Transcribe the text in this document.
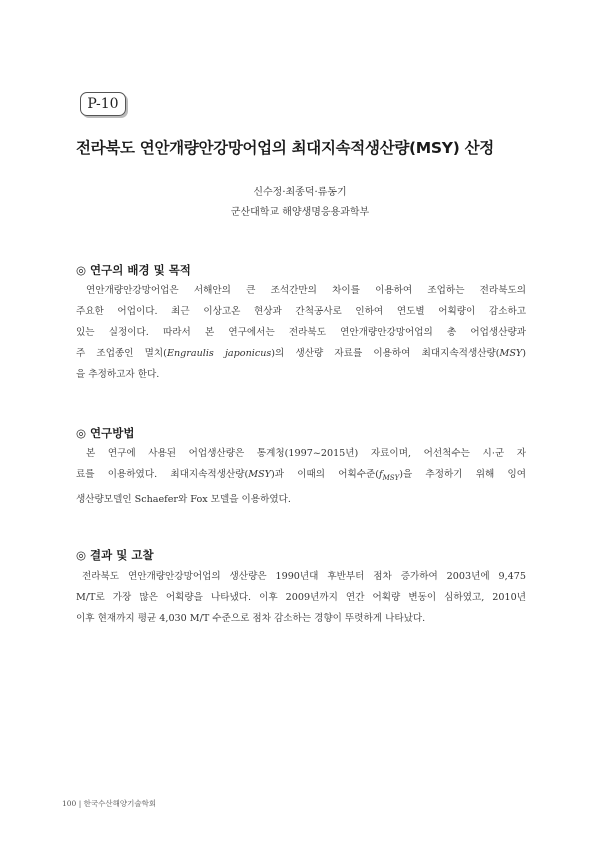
P-10
전라북도 연안개량안강망어업의 최대지속적생산량(MSY) 산정
신수정·최종덕·류동기
군산대학교 해양생명응용과학부
◎ 연구의 배경 및 목적
연안개량안강망어업은 서해안의 큰 조석간만의 차이를 이용하여 조업하는 전라북도의
주요한 어업이다. 최근 이상고온 현상과 간척공사로 인하여 연도별 어획량이 감소하고
있는 실정이다. 따라서 본 연구에서는 전라북도 연안개량안강망어업의 총 어업생산량과
주 조업종인 멸치(Engraulis japonicus)의 생산량 자료를 이용하여 최대지속적생산량(MSY)
을 추정하고자 한다.
◎ 연구방법
본 연구에 사용된 어업생산량은 통계청(1997~2015년) 자료이며, 어선척수는 시·군 자
료를 이용하였다. 최대지속적생산량(MSY)과 이때의 어획수준$(f_{MSY})$을 추정하기 위해 잉여
생산량모델인 Schaefer와 Fox 모델을 이용하였다.
◎ 결과 및 고찰
전라북도 연안개량안강망어업의 생산량은 1990년대 후반부터 점차 증가하여 2003년에 9,475
M/T로 가장 많은 어획량을 나타냈다. 이후 2009년까지 연간 어획량 변동이 심하였고, 2010년
이후 현재까지 평균 4,030 M/T 수준으로 점차 감소하는 경향이 뚜렷하게 나타났다.
100 | 한국수산해양기술학회
